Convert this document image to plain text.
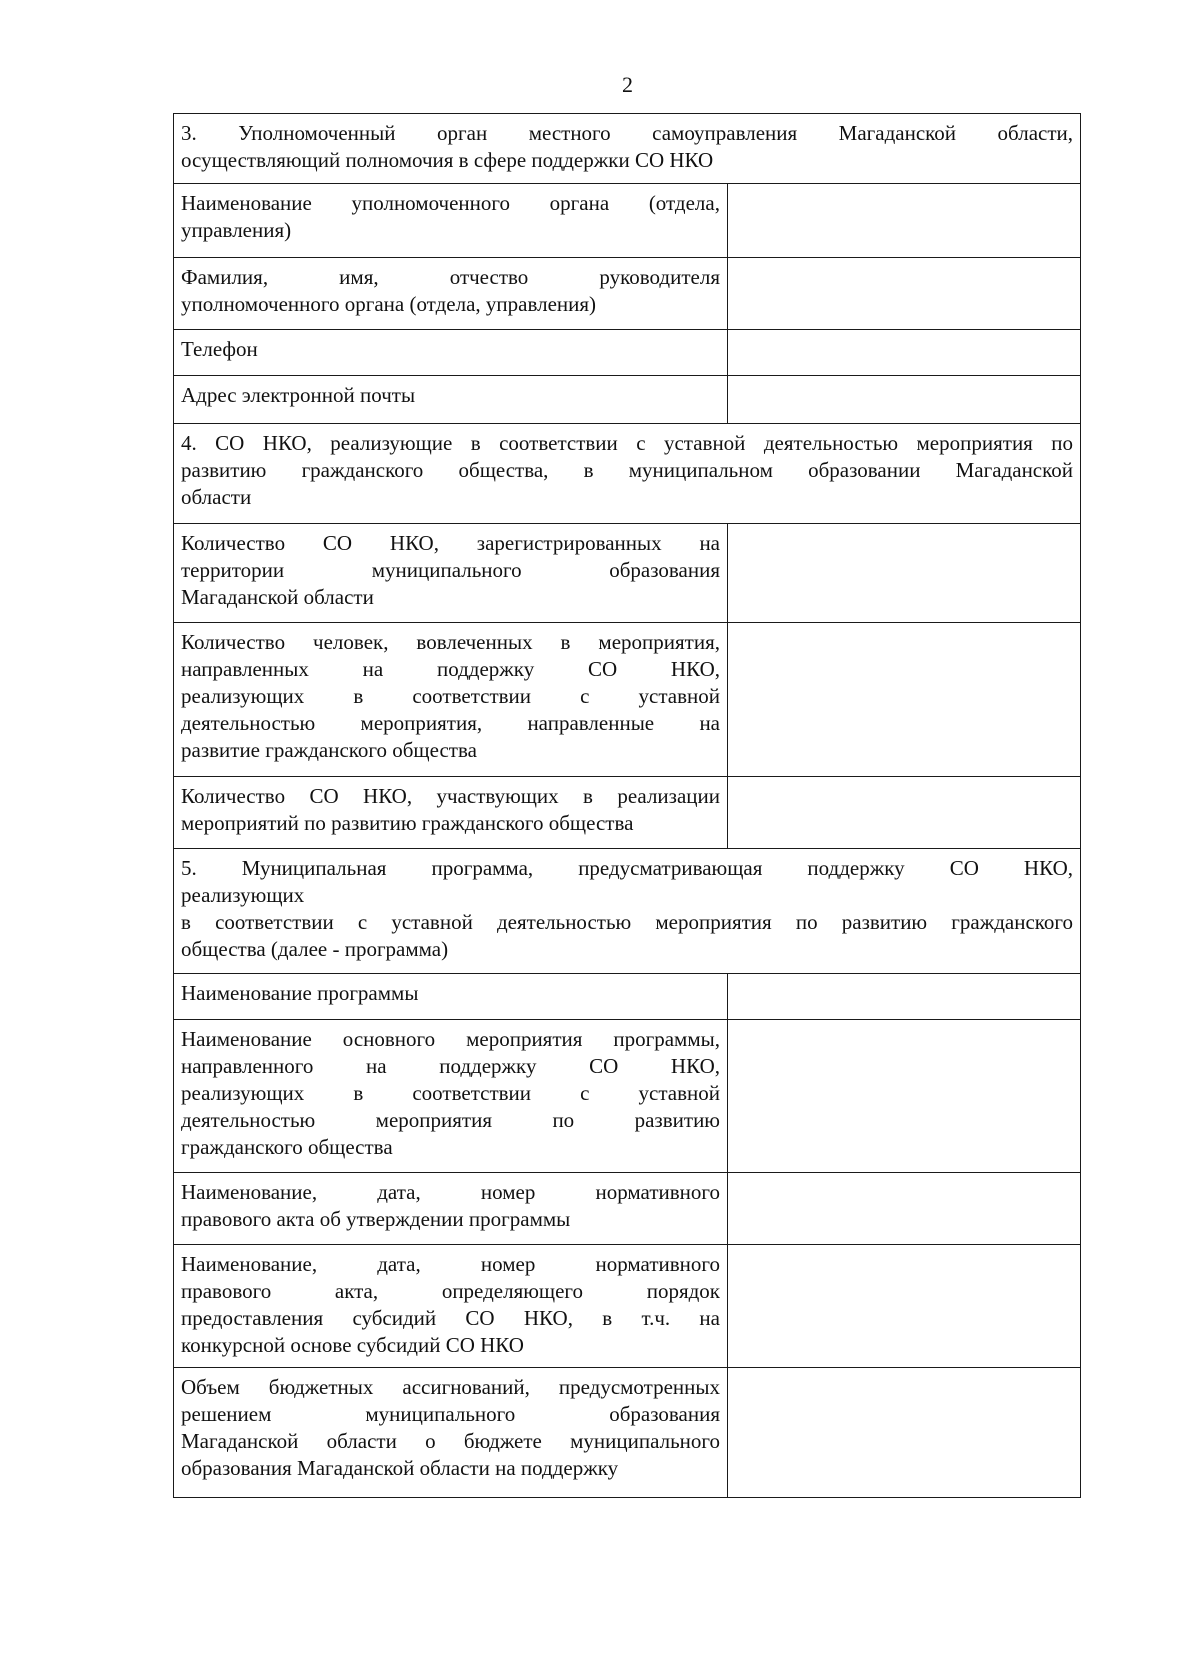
2
3. Уполномоченный орган местного самоуправления Магаданской области,
осуществляющий полномочия в сфере поддержки СО НКО	

Наименование уполномоченного органа (отдела,
управления)	

Фамилия, имя, отчество руководителя
уполномоченного органа (отдела, управления)	

Телефон	

Адрес электронной почты	

4. СО НКО, реализующие в соответствии с уставной деятельностью мероприятия по
развитию гражданского общества, в муниципальном образовании Магаданской
области	

Количество СО НКО, зарегистрированных на
территории муниципального образования
Магаданской области	

Количество человек, вовлеченных в мероприятия,
направленных на поддержку СО НКО,
реализующих в соответствии с уставной
деятельностью мероприятия, направленные на
развитие гражданского общества	

Количество СО НКО, участвующих в реализации
мероприятий по развитию гражданского общества	

5. Муниципальная программа, предусматривающая поддержку СО НКО,
реализующих
в соответствии с уставной деятельностью мероприятия по развитию гражданского
общества (далее - программа)	

Наименование программы	

Наименование основного мероприятия программы,
направленного на поддержку СО НКО,
реализующих в соответствии с уставной
деятельностью мероприятия по развитию
гражданского общества	

Наименование, дата, номер нормативного
правового акта об утверждении программы	

Наименование, дата, номер нормативного
правового акта, определяющего порядок
предоставления субсидий СО НКО, в т.ч. на
конкурсной основе субсидий СО НКО	

Объем бюджетных ассигнований, предусмотренных
решением муниципального образования
Магаданской области о бюджете муниципального
образования Магаданской области на поддержку	
